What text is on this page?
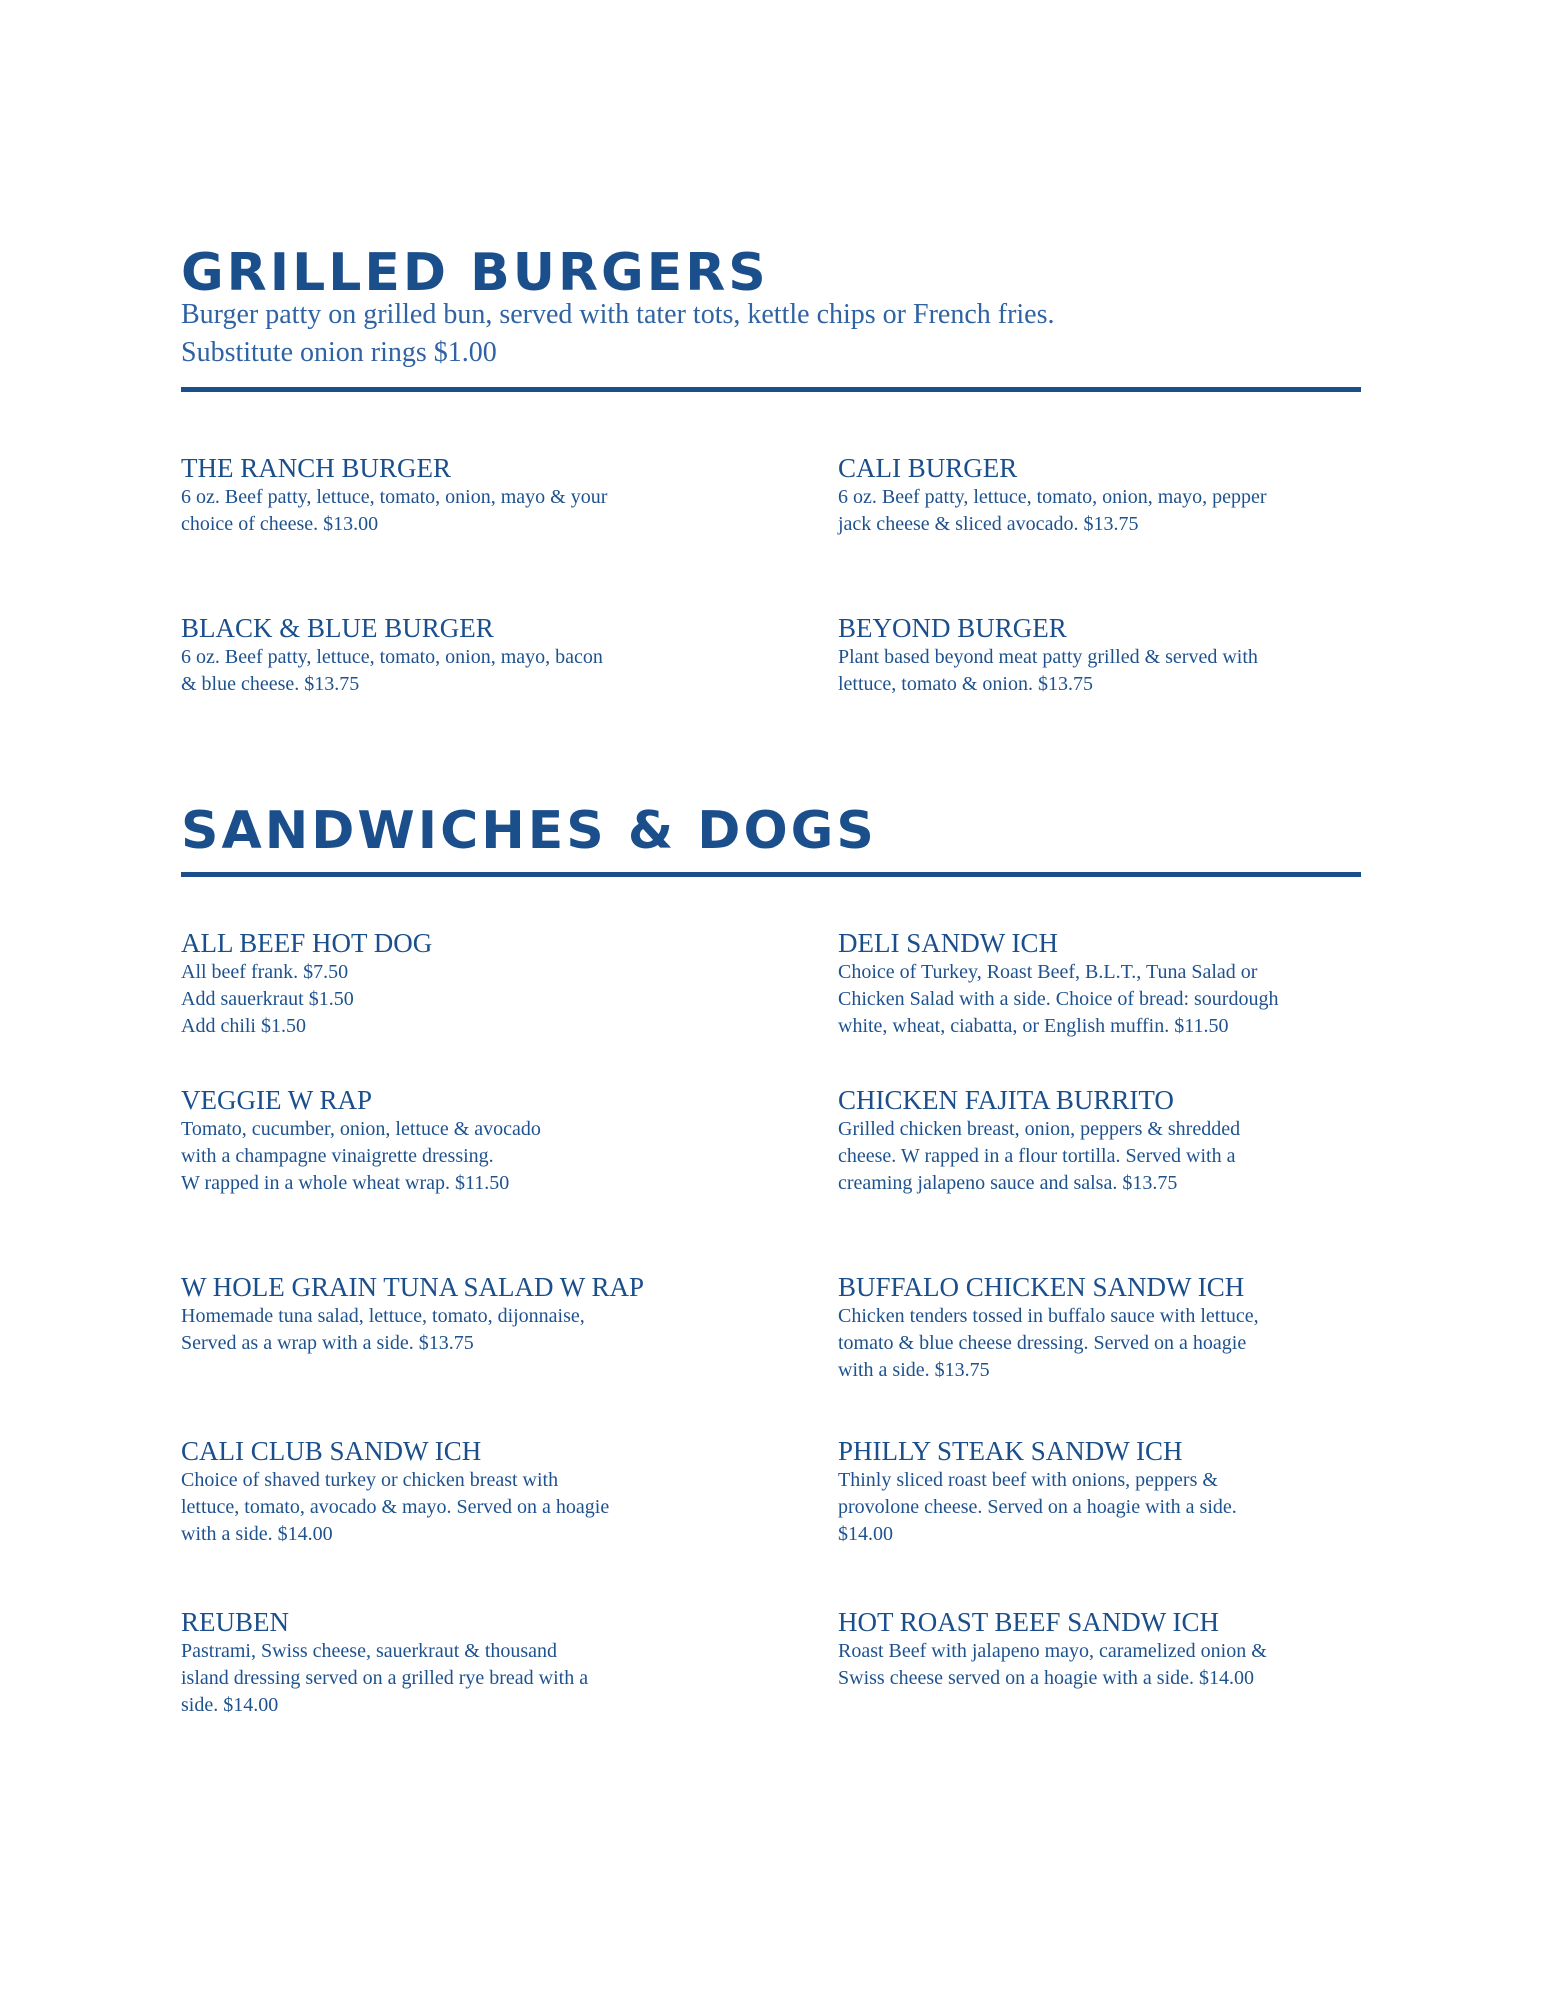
GRILLED BURGERS

Burger patty on grilled bun, served with tater tots, kettle chips or French fries.
Substitute onion rings $1.00

THE RANCH BURGER
6 oz. Beef patty, lettuce, tomato, onion, mayo & your
choice of cheese. $13.00
CALI BURGER
6 oz. Beef patty, lettuce, tomato, onion, mayo, pepper
jack cheese & sliced avocado. $13.75
BLACK & BLUE BURGER
6 oz. Beef patty, lettuce, tomato, onion, mayo, bacon
& blue cheese. $13.75
BEYOND BURGER
Plant based beyond meat patty grilled & served with
lettuce, tomato & onion. $13.75
SANDWICHES & DOGS
ALL BEEF HOT DOG
All beef frank. $7.50
Add sauerkraut $1.50
Add chili $1.50
DELI SANDW ICH
Choice of Turkey, Roast Beef, B.L.T., Tuna Salad or
Chicken Salad with a side. Choice of bread: sourdough
white, wheat, ciabatta, or English muffin. $11.50
VEGGIE W RAP
Tomato, cucumber, onion, lettuce & avocado
with a champagne vinaigrette dressing.
W rapped in a whole wheat wrap. $11.50
CHICKEN FAJITA BURRITO
Grilled chicken breast, onion, peppers & shredded
cheese. W rapped in a flour tortilla. Served with a
creaming jalapeno sauce and salsa. $13.75
W HOLE GRAIN TUNA SALAD W RAP
Homemade tuna salad, lettuce, tomato, dijonnaise,
Served as a wrap with a side. $13.75
BUFFALO CHICKEN SANDW ICH
Chicken tenders tossed in buffalo sauce with lettuce,
tomato & blue cheese dressing. Served on a hoagie
with a side. $13.75
CALI CLUB SANDW ICH
Choice of shaved turkey or chicken breast with
lettuce, tomato, avocado & mayo. Served on a hoagie
with a side. $14.00
PHILLY STEAK SANDW ICH
Thinly sliced roast beef with onions, peppers &
provolone cheese. Served on a hoagie with a side.
$14.00
REUBEN
Pastrami, Swiss cheese, sauerkraut & thousand
island dressing served on a grilled rye bread with a
side. $14.00
HOT ROAST BEEF SANDW ICH
Roast Beef with jalapeno mayo, caramelized onion &
Swiss cheese served on a hoagie with a side. $14.00
